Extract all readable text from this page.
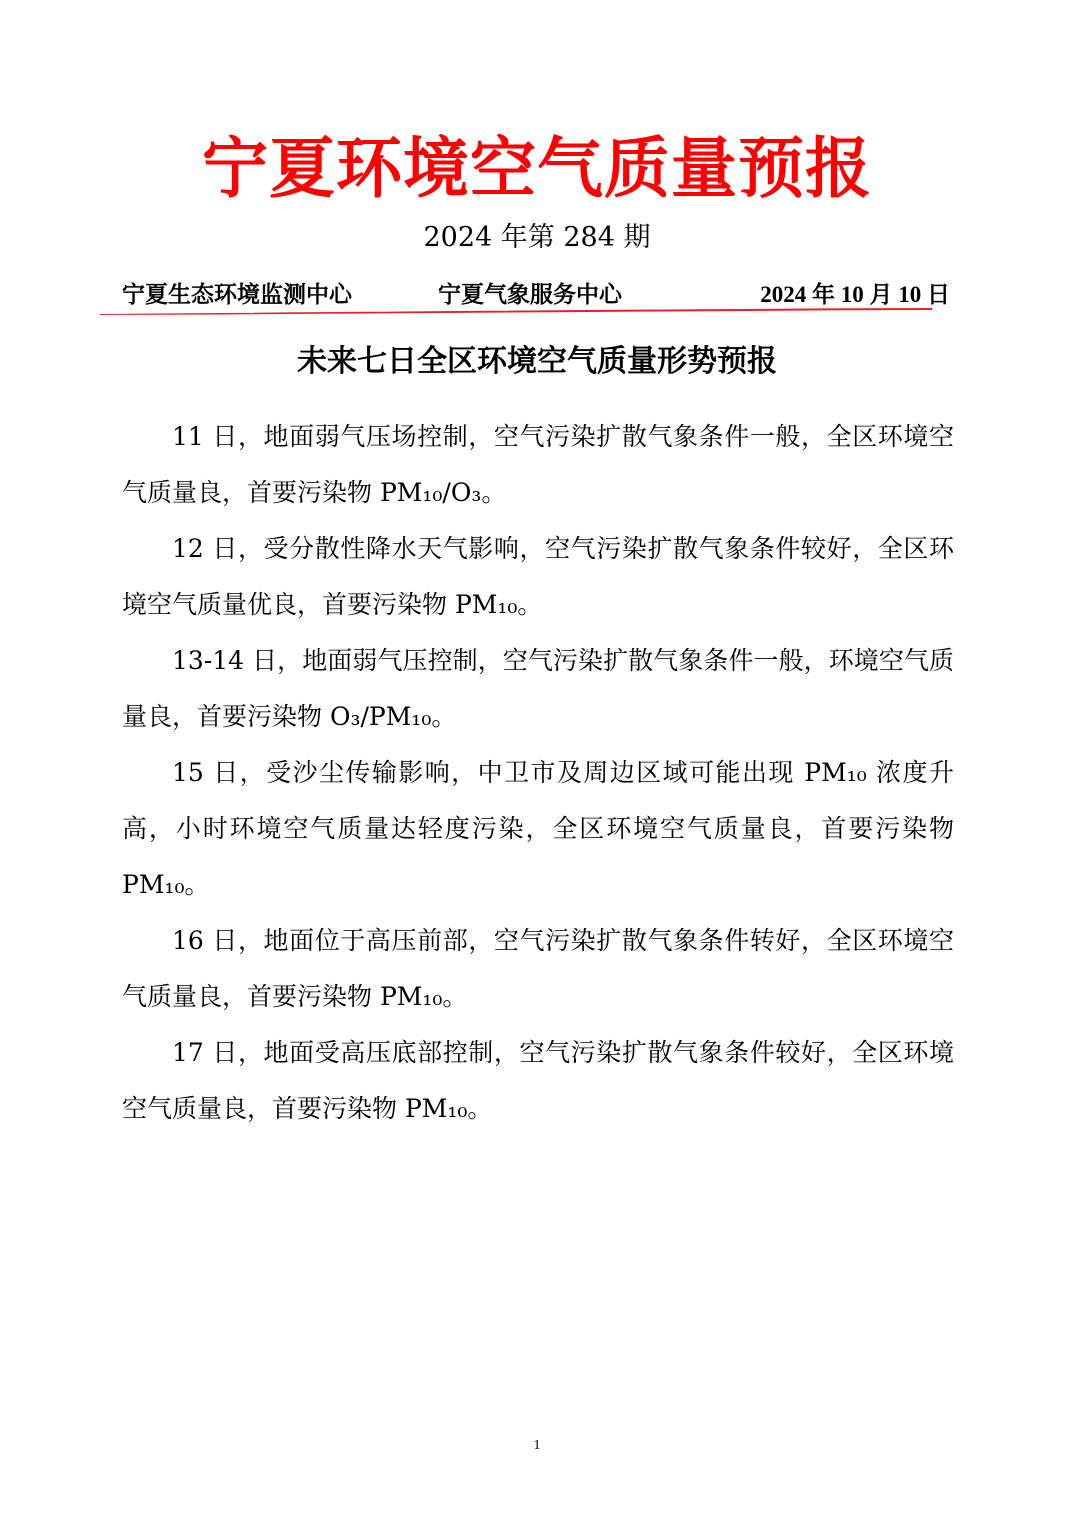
宁夏环境空气质量预报
2024 年第 284 期
宁夏生态环境监测中心	宁夏气象服务中心	2024 年 10 月 10 日
未来七日全区环境空气质量形势预报

11 日，地面弱气压场控制，空气污染扩散气象条件一般，全区环境空气质量良，首要污染物 PM₁₀/O₃。

12 日，受分散性降水天气影响，空气污染扩散气象条件较好，全区环境空气质量优良，首要污染物 PM₁₀。

13-14 日，地面弱气压控制，空气污染扩散气象条件一般，环境空气质量良，首要污染物 O₃/PM₁₀。

15 日，受沙尘传输影响，中卫市及周边区域可能出现 PM₁₀ 浓度升高，小时环境空气质量达轻度污染，全区环境空气质量良，首要污染物 PM₁₀。

16 日，地面位于高压前部，空气污染扩散气象条件转好，全区环境空气质量良，首要污染物 PM₁₀。

17 日，地面受高压底部控制，空气污染扩散气象条件较好，全区环境空气质量良，首要污染物 PM₁₀。

1
